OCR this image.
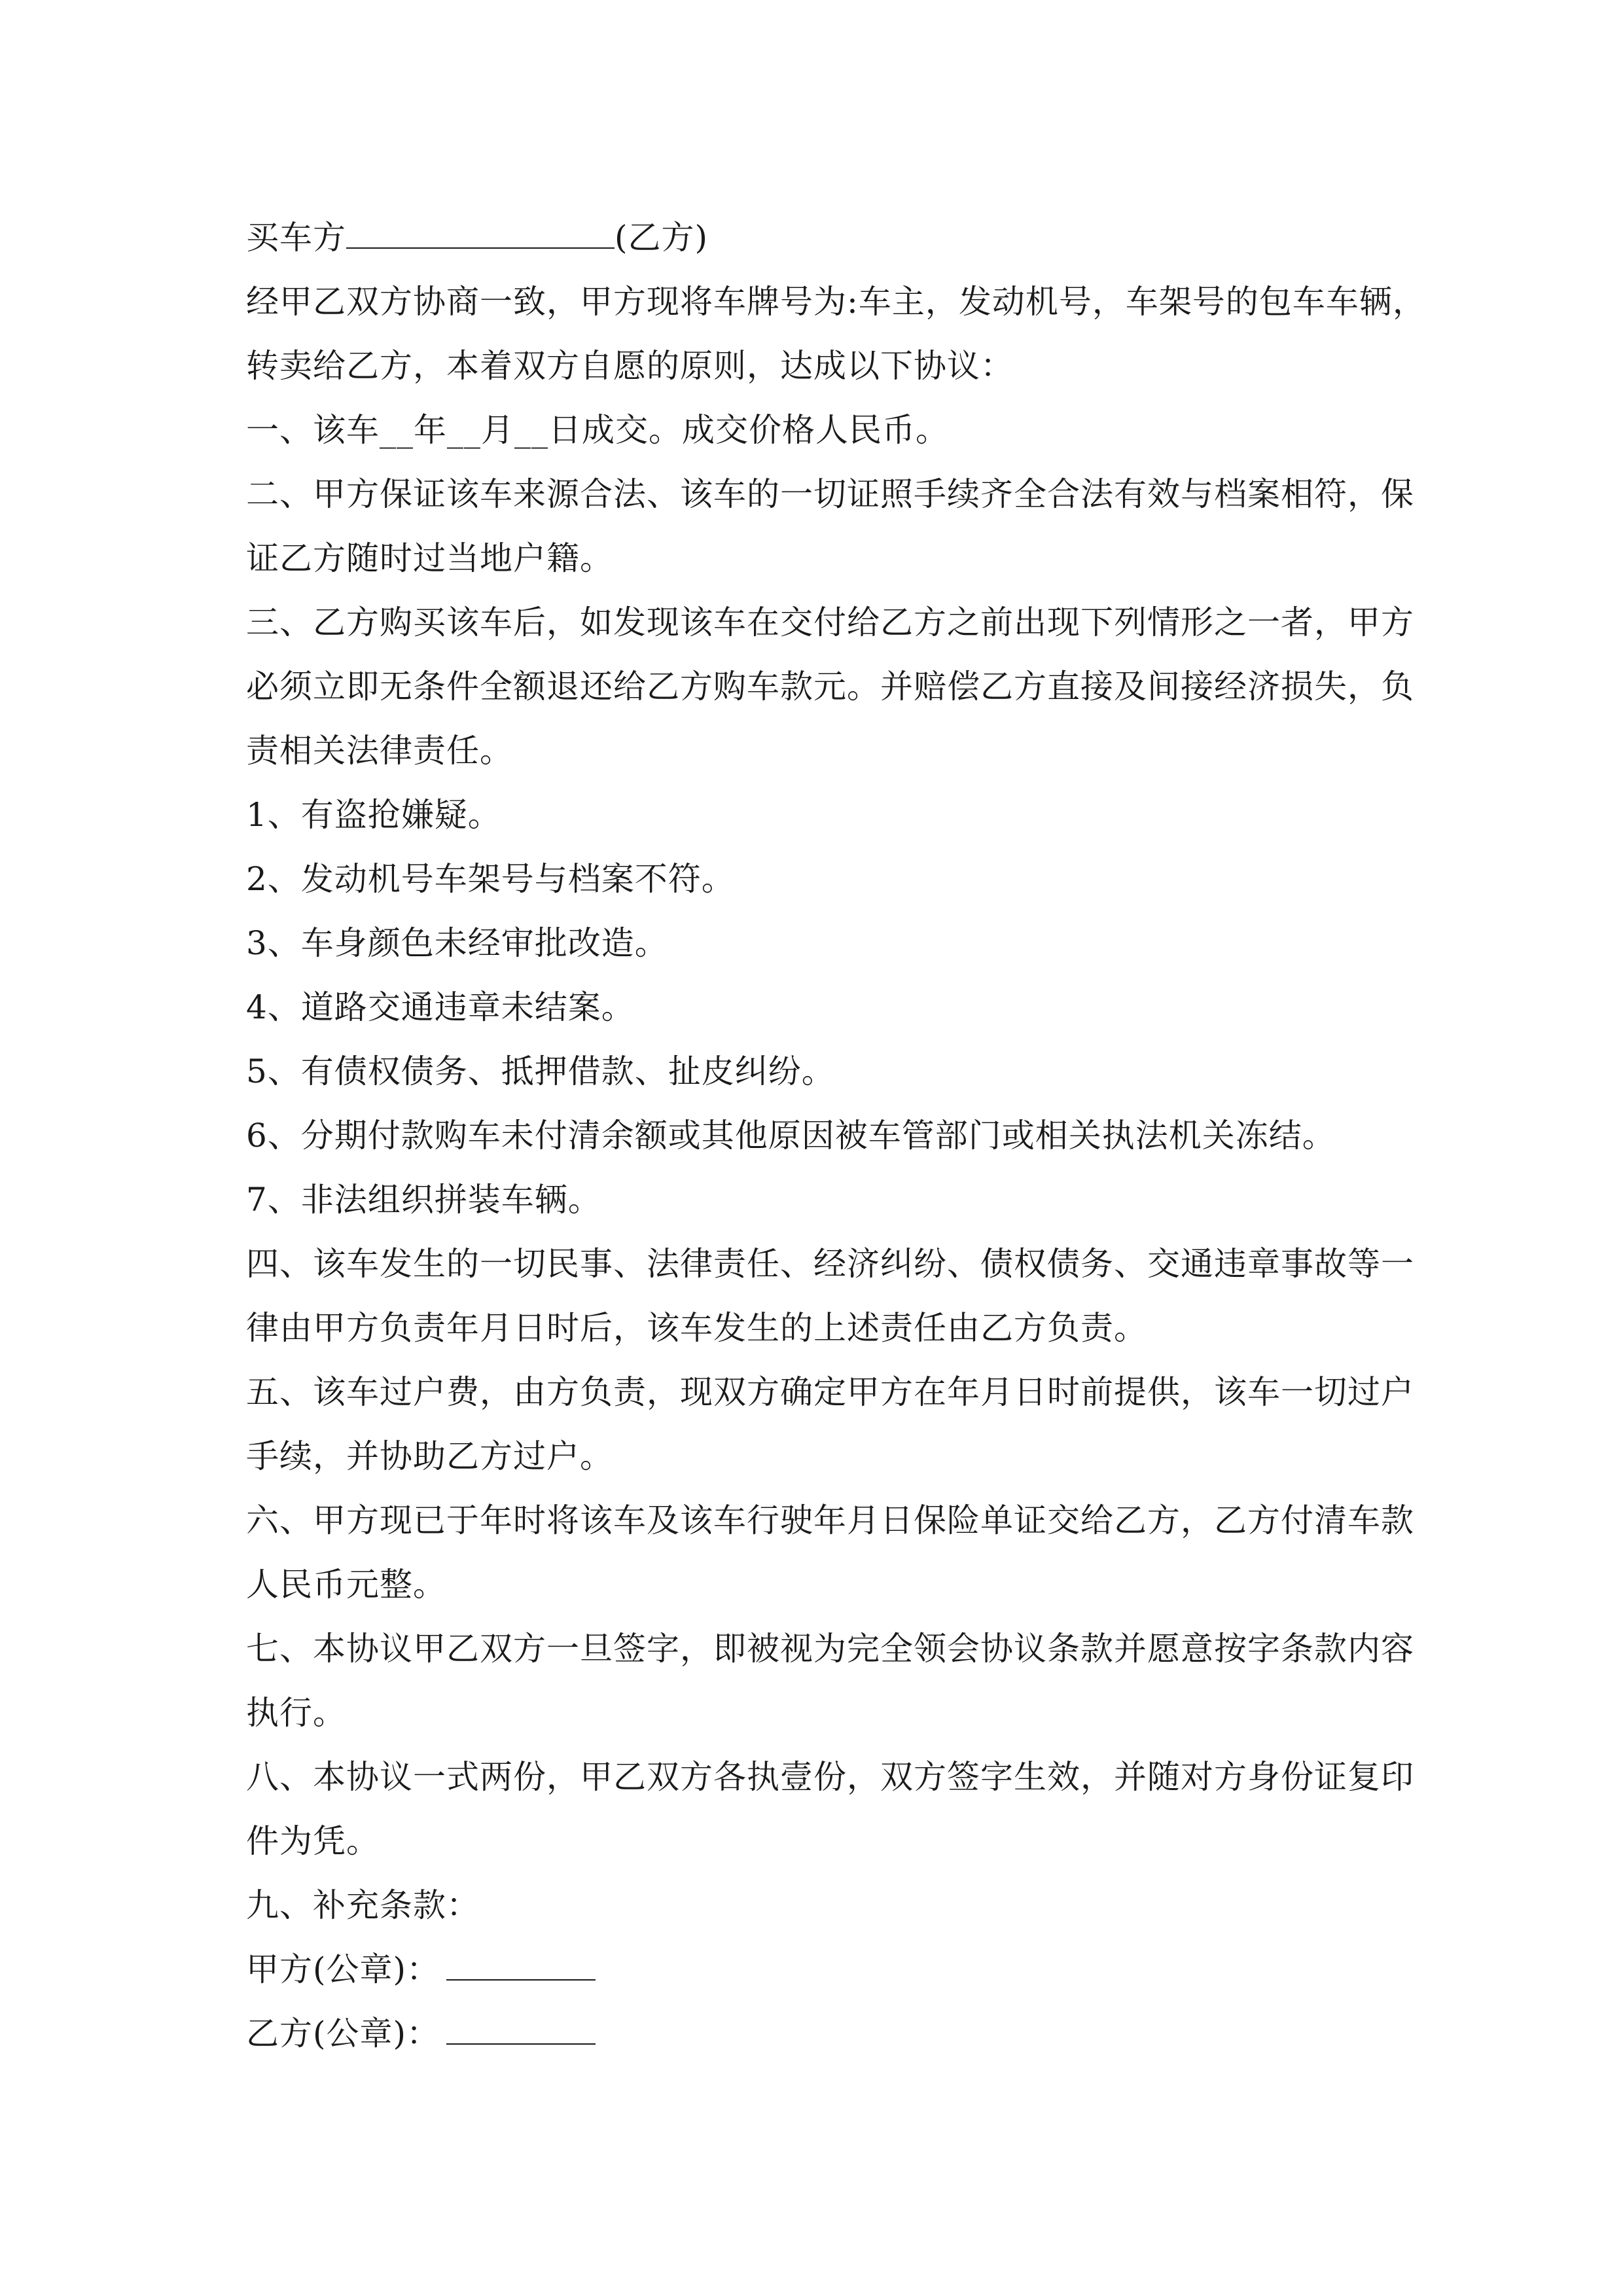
买车方	(乙方)
经甲乙双方协商一致，甲方现将车牌号为:车主，发动机号，车架号的包车车辆，
转卖给乙方，本着双方自愿的原则，达成以下协议：
一、该车__年__月__日成交。成交价格人民币。
二、甲方保证该车来源合法、该车的一切证照手续齐全合法有效与档案相符，保
证乙方随时过当地户籍。
三、乙方购买该车后，如发现该车在交付给乙方之前出现下列情形之一者，甲方
必须立即无条件全额退还给乙方购车款元。并赔偿乙方直接及间接经济损失，负
责相关法律责任。
1、有盗抢嫌疑。
2、发动机号车架号与档案不符。
3、车身颜色未经审批改造。
4、道路交通违章未结案。
5、有债权债务、抵押借款、扯皮纠纷。
6、分期付款购车未付清余额或其他原因被车管部门或相关执法机关冻结。
7、非法组织拼装车辆。
四、该车发生的一切民事、法律责任、经济纠纷、债权债务、交通违章事故等一
律由甲方负责年月日时后，该车发生的上述责任由乙方负责。
五、该车过户费，由方负责，现双方确定甲方在年月日时前提供，该车一切过户
手续，并协助乙方过户。
六、甲方现已于年时将该车及该车行驶年月日保险单证交给乙方，乙方付清车款
人民币元整。
七、本协议甲乙双方一旦签字，即被视为完全领会协议条款并愿意按字条款内容
执行。
八、本协议一式两份，甲乙双方各执壹份，双方签字生效，并随对方身份证复印
件为凭。
九、补充条款：
甲方(公章)：
乙方(公章)：
